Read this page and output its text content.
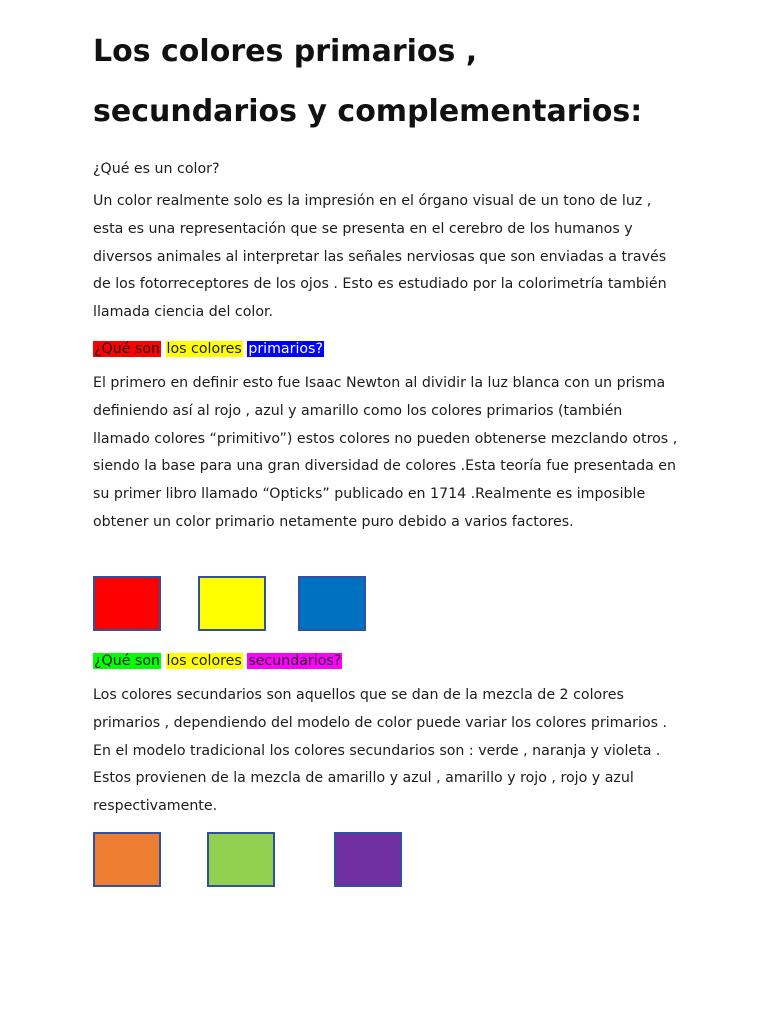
Los colores primarios ,
secundarios y complementarios:

¿Qué es un color?

Un color realmente solo es la impresión en el órgano visual de un tono de luz , esta es una representación que se presenta en el cerebro de los humanos y diversos animales al interpretar las señales nerviosas que son enviadas a través de los fotorreceptores de los ojos . Esto es estudiado por la colorimetría también llamada ciencia del color.

¿Qué son los colores primarios?

El primero en definir esto fue Isaac Newton al dividir la luz blanca con un prisma definiendo así al rojo , azul y amarillo como los colores primarios (también llamado colores “primitivo”) estos colores no pueden obtenerse mezclando otros , siendo la base para una gran diversidad de colores .Esta teoría fue presentada en su primer libro llamado “Opticks” publicado en 1714 .Realmente es imposible obtener un color primario netamente puro debido a varios factores.

¿Qué son los colores secundarios?

Los colores secundarios son aquellos que se dan de la mezcla de 2 colores primarios , dependiendo del modelo de color puede variar los colores primarios . En el modelo tradicional los colores secundarios son : verde , naranja y violeta . Estos provienen de la mezcla de amarillo y azul , amarillo y rojo , rojo y azul respectivamente.
